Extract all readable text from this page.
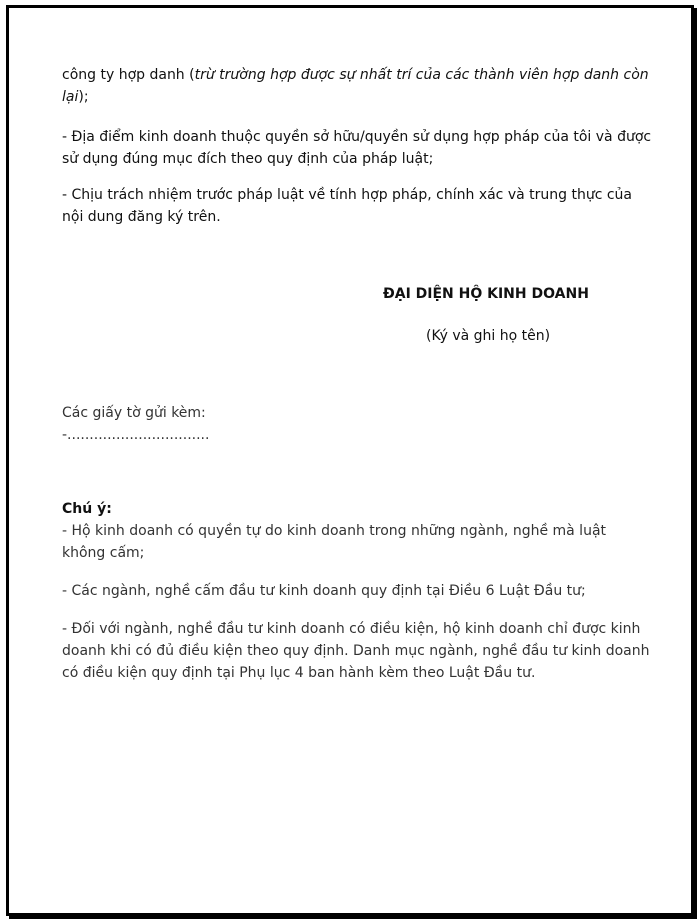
công ty hợp danh (trừ trường hợp được sự nhất trí của các thành viên hợp danh còn lại);

- Địa điểm kinh doanh thuộc quyền sở hữu/quyền sử dụng hợp pháp của tôi và được sử dụng đúng mục đích theo quy định của pháp luật;

- Chịu trách nhiệm trước pháp luật về tính hợp pháp, chính xác và trung thực của nội dung đăng ký trên.

ĐẠI DIỆN HỘ KINH DOANH
(Ký và ghi họ tên)

Các giấy tờ gửi kèm:

-................................

Chú ý:

- Hộ kinh doanh có quyền tự do kinh doanh trong những ngành, nghề mà luật không cấm;

- Các ngành, nghề cấm đầu tư kinh doanh quy định tại Điều 6 Luật Đầu tư;

- Đối với ngành, nghề đầu tư kinh doanh có điều kiện, hộ kinh doanh chỉ được kinh doanh khi có đủ điều kiện theo quy định. Danh mục ngành, nghề đầu tư kinh doanh có điều kiện quy định tại Phụ lục 4 ban hành kèm theo Luật Đầu tư.
